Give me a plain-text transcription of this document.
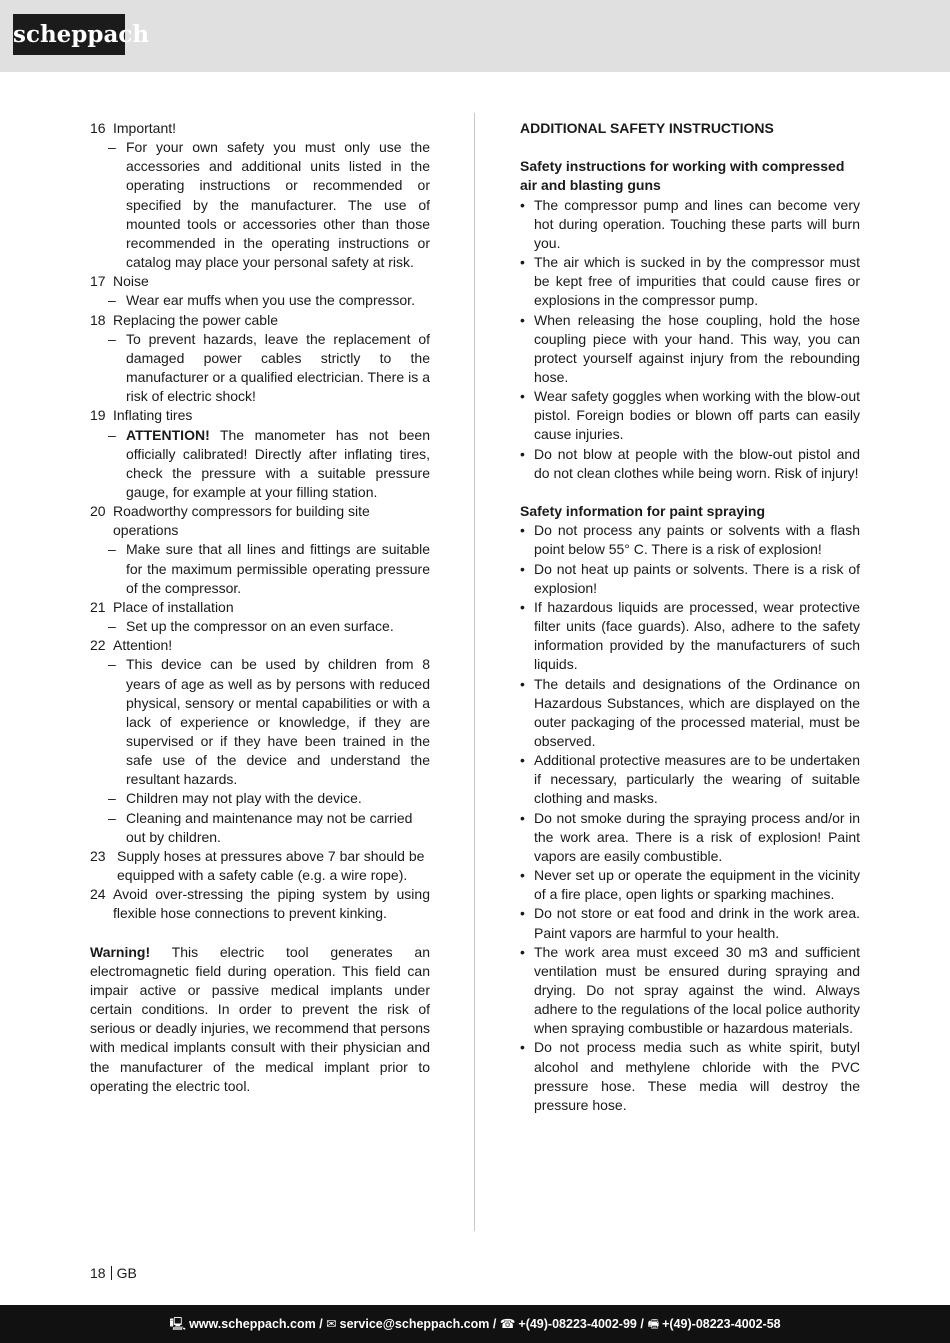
scheppach
16 Important!
– For your own safety you must only use the accessories and additional units listed in the operating instructions or recommended or specified by the manufacturer. The use of mounted tools or accessories other than those recommended in the operating instructions or catalog may place your personal safety at risk.
17 Noise
– Wear ear muffs when you use the compressor.
18 Replacing the power cable
– To prevent hazards, leave the replacement of damaged power cables strictly to the manufacturer or a qualified electrician. There is a risk of electric shock!
19 Inflating tires
– ATTENTION! The manometer has not been officially calibrated! Directly after inflating tires, check the pressure with a suitable pressure gauge, for example at your filling station.
20 Roadworthy compressors for building site operations
– Make sure that all lines and fittings are suitable for the maximum permissible operating pressure of the compressor.
21 Place of installation
– Set up the compressor on an even surface.
22 Attention!
– This device can be used by children from 8 years of age as well as by persons with reduced physical, sensory or mental capabilities or with a lack of experience or knowledge, if they are supervised or if they have been trained in the safe use of the device and understand the resultant hazards.
– Children may not play with the device.
– Cleaning and maintenance may not be carried out by children.
23 Supply hoses at pressures above 7 bar should be equipped with a safety cable (e.g. a wire rope).
24 Avoid over-stressing the piping system by using flexible hose connections to prevent kinking.

Warning! This electric tool generates an electromagnetic field during operation. This field can impair active or passive medical implants under certain conditions. In order to prevent the risk of serious or deadly injuries, we recommend that persons with medical implants consult with their physician and the manufacturer of the medical implant prior to operating the electric tool.

ADDITIONAL SAFETY INSTRUCTIONS
Safety instructions for working with compressed air and blasting guns
• The compressor pump and lines can become very hot during operation. Touching these parts will burn you.
• The air which is sucked in by the compressor must be kept free of impurities that could cause fires or explosions in the compressor pump.
• When releasing the hose coupling, hold the hose coupling piece with your hand. This way, you can protect yourself against injury from the rebounding hose.
• Wear safety goggles when working with the blow-out pistol. Foreign bodies or blown off parts can easily cause injuries.
• Do not blow at people with the blow-out pistol and do not clean clothes while being worn. Risk of injury!
Safety information for paint spraying
• Do not process any paints or solvents with a flash point below 55° C. There is a risk of explosion!
• Do not heat up paints or solvents. There is a risk of explosion!
• If hazardous liquids are processed, wear protective filter units (face guards). Also, adhere to the safety information provided by the manufacturers of such liquids.
• The details and designations of the Ordinance on Hazardous Substances, which are displayed on the outer packaging of the processed material, must be observed.
• Additional protective measures are to be undertaken if necessary, particularly the wearing of suitable clothing and masks.
• Do not smoke during the spraying process and/or in the work area. There is a risk of explosion! Paint vapors are easily combustible.
• Never set up or operate the equipment in the vicinity of a fire place, open lights or sparking machines.
• Do not store or eat food and drink in the work area. Paint vapors are harmful to your health.
• The work area must exceed 30 m3 and sufficient ventilation must be ensured during spraying and drying. Do not spray against the wind. Always adhere to the regulations of the local police authority when spraying combustible or hazardous materials.
• Do not process media such as white spirit, butyl alcohol and methylene chloride with the PVC pressure hose. These media will destroy the pressure hose.
18 GB
🖳︎ www.scheppach.com / ✉︎ service@scheppach.com / ☎︎ +(49)-08223-4002-99 / 🖷︎ +(49)-08223-4002-58
